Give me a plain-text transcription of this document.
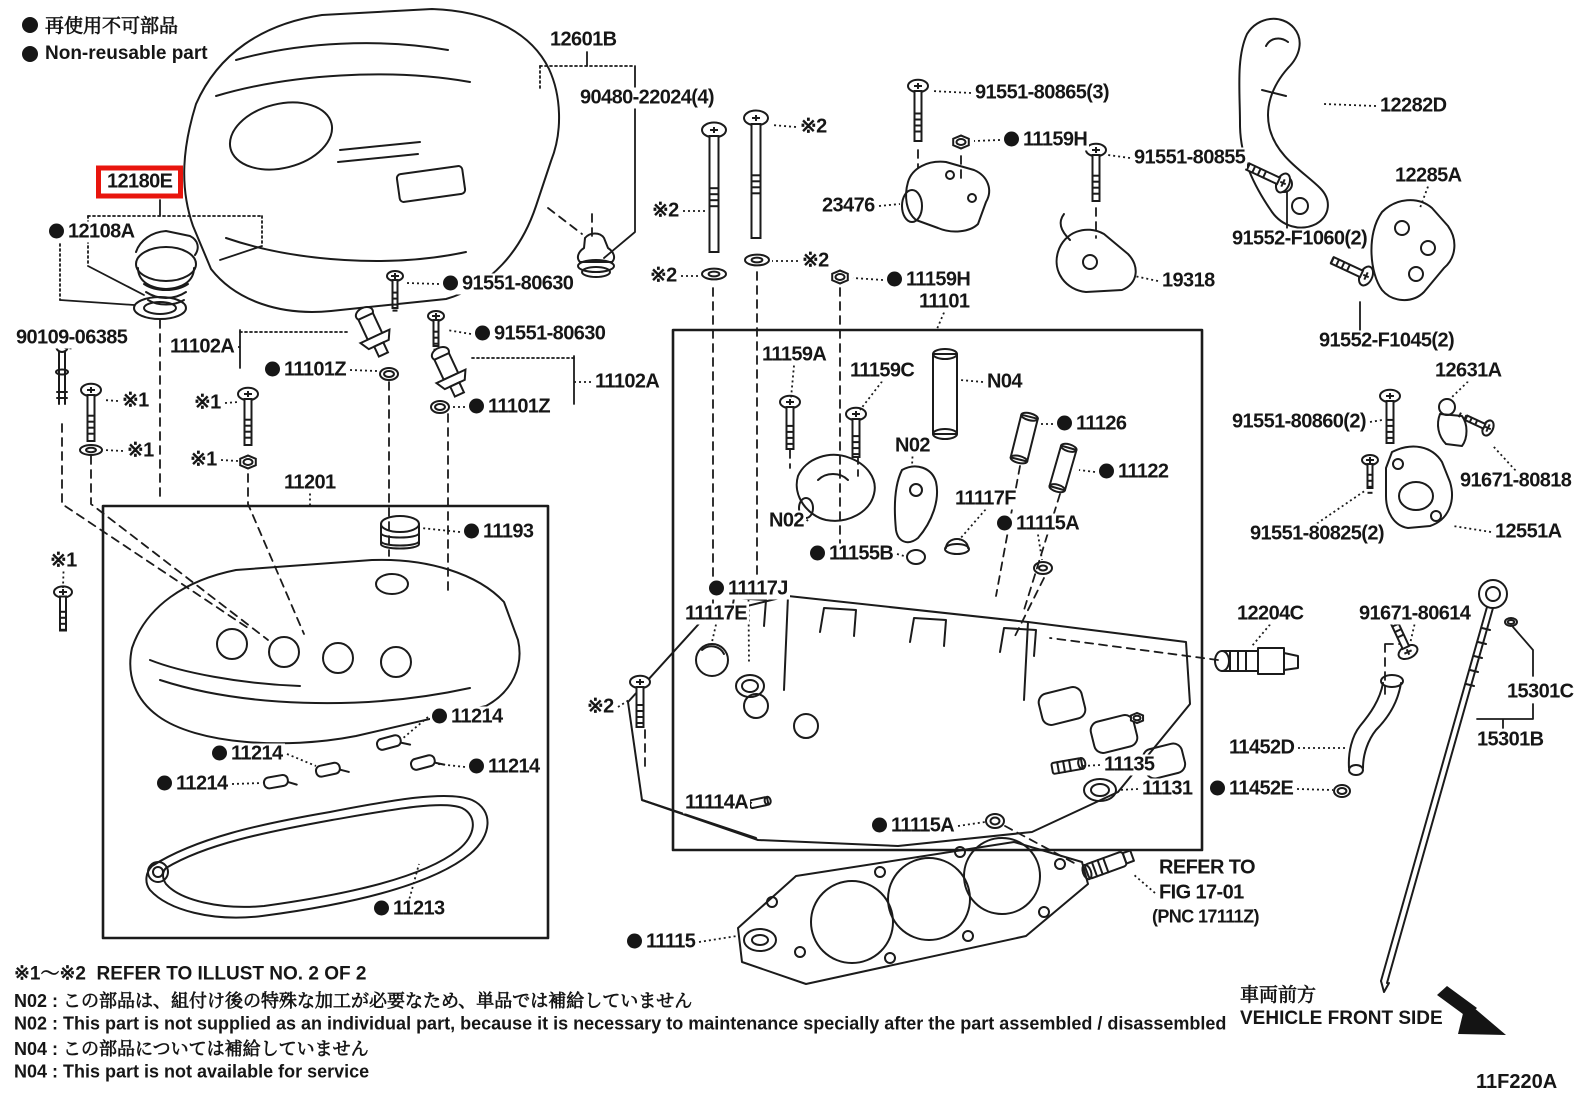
12601B
90480-22024(4)
12180E
12108A
90109-06385 11102A
11101Z
91551-80630
91551-80630
11102A
11101Z
※1
※1
※1
※1
※1
11201
11193
11214
11214
11214
11214
11213
11115
※2
※2
※2
※2
※2
23476
91551-80865(3)
11159H
91551-80855
11159H
11101
19318
12282D
12285A
91552-F1060(2)
91552-F1045(2)
12631A
91551-80860(2)
91671-80818
91551-80825(2)	12551A
12204C	91671-80614
15301C
15301B
11452D
11452E
11135
11131
REFER TO
FIG 17-01
(PNC 17111Z)
11159A
11159C	N04
N02
N02
11126
11122
11117F
11115A
11155B
11117J
11117E
11114A
11115A
再使用不可部品
Non-reusable part
※1～※2  REFER TO ILLUST NO. 2 OF 2
N02 : この部品は、組付け後の特殊な加工が必要なため、単品では補給していません
N02 : This part is not supplied as an individual part, because it is necessary to maintenance specially after the part assembled / disassembled
N04 : この部品については補給していません
N04 : This part is not available for service
車両前方
VEHICLE FRONT SIDE
11F220A
